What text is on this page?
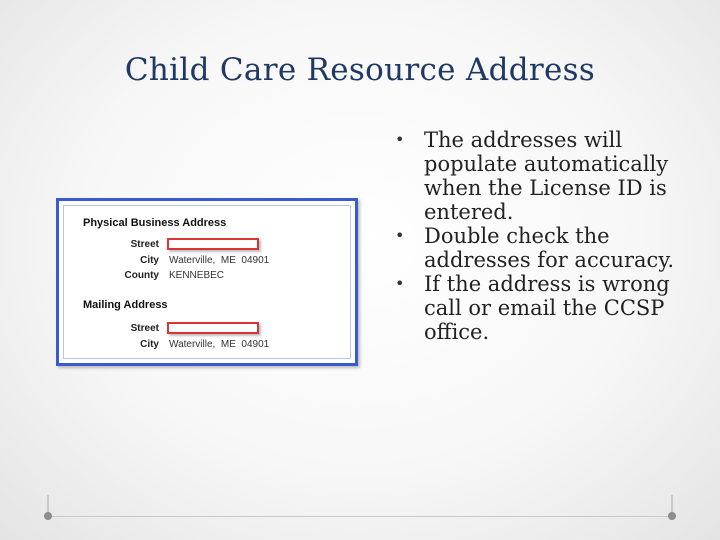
Child Care Resource Address
Physical Business Address
Street
City Waterville,  ME  04901
County KENNEBEC
Mailing Address
Street
City Waterville,  ME  04901
• The addresses will populate automatically when the License ID is entered.
• Double check the addresses for accuracy.
• If the address is wrong call or email the CCSP office.
